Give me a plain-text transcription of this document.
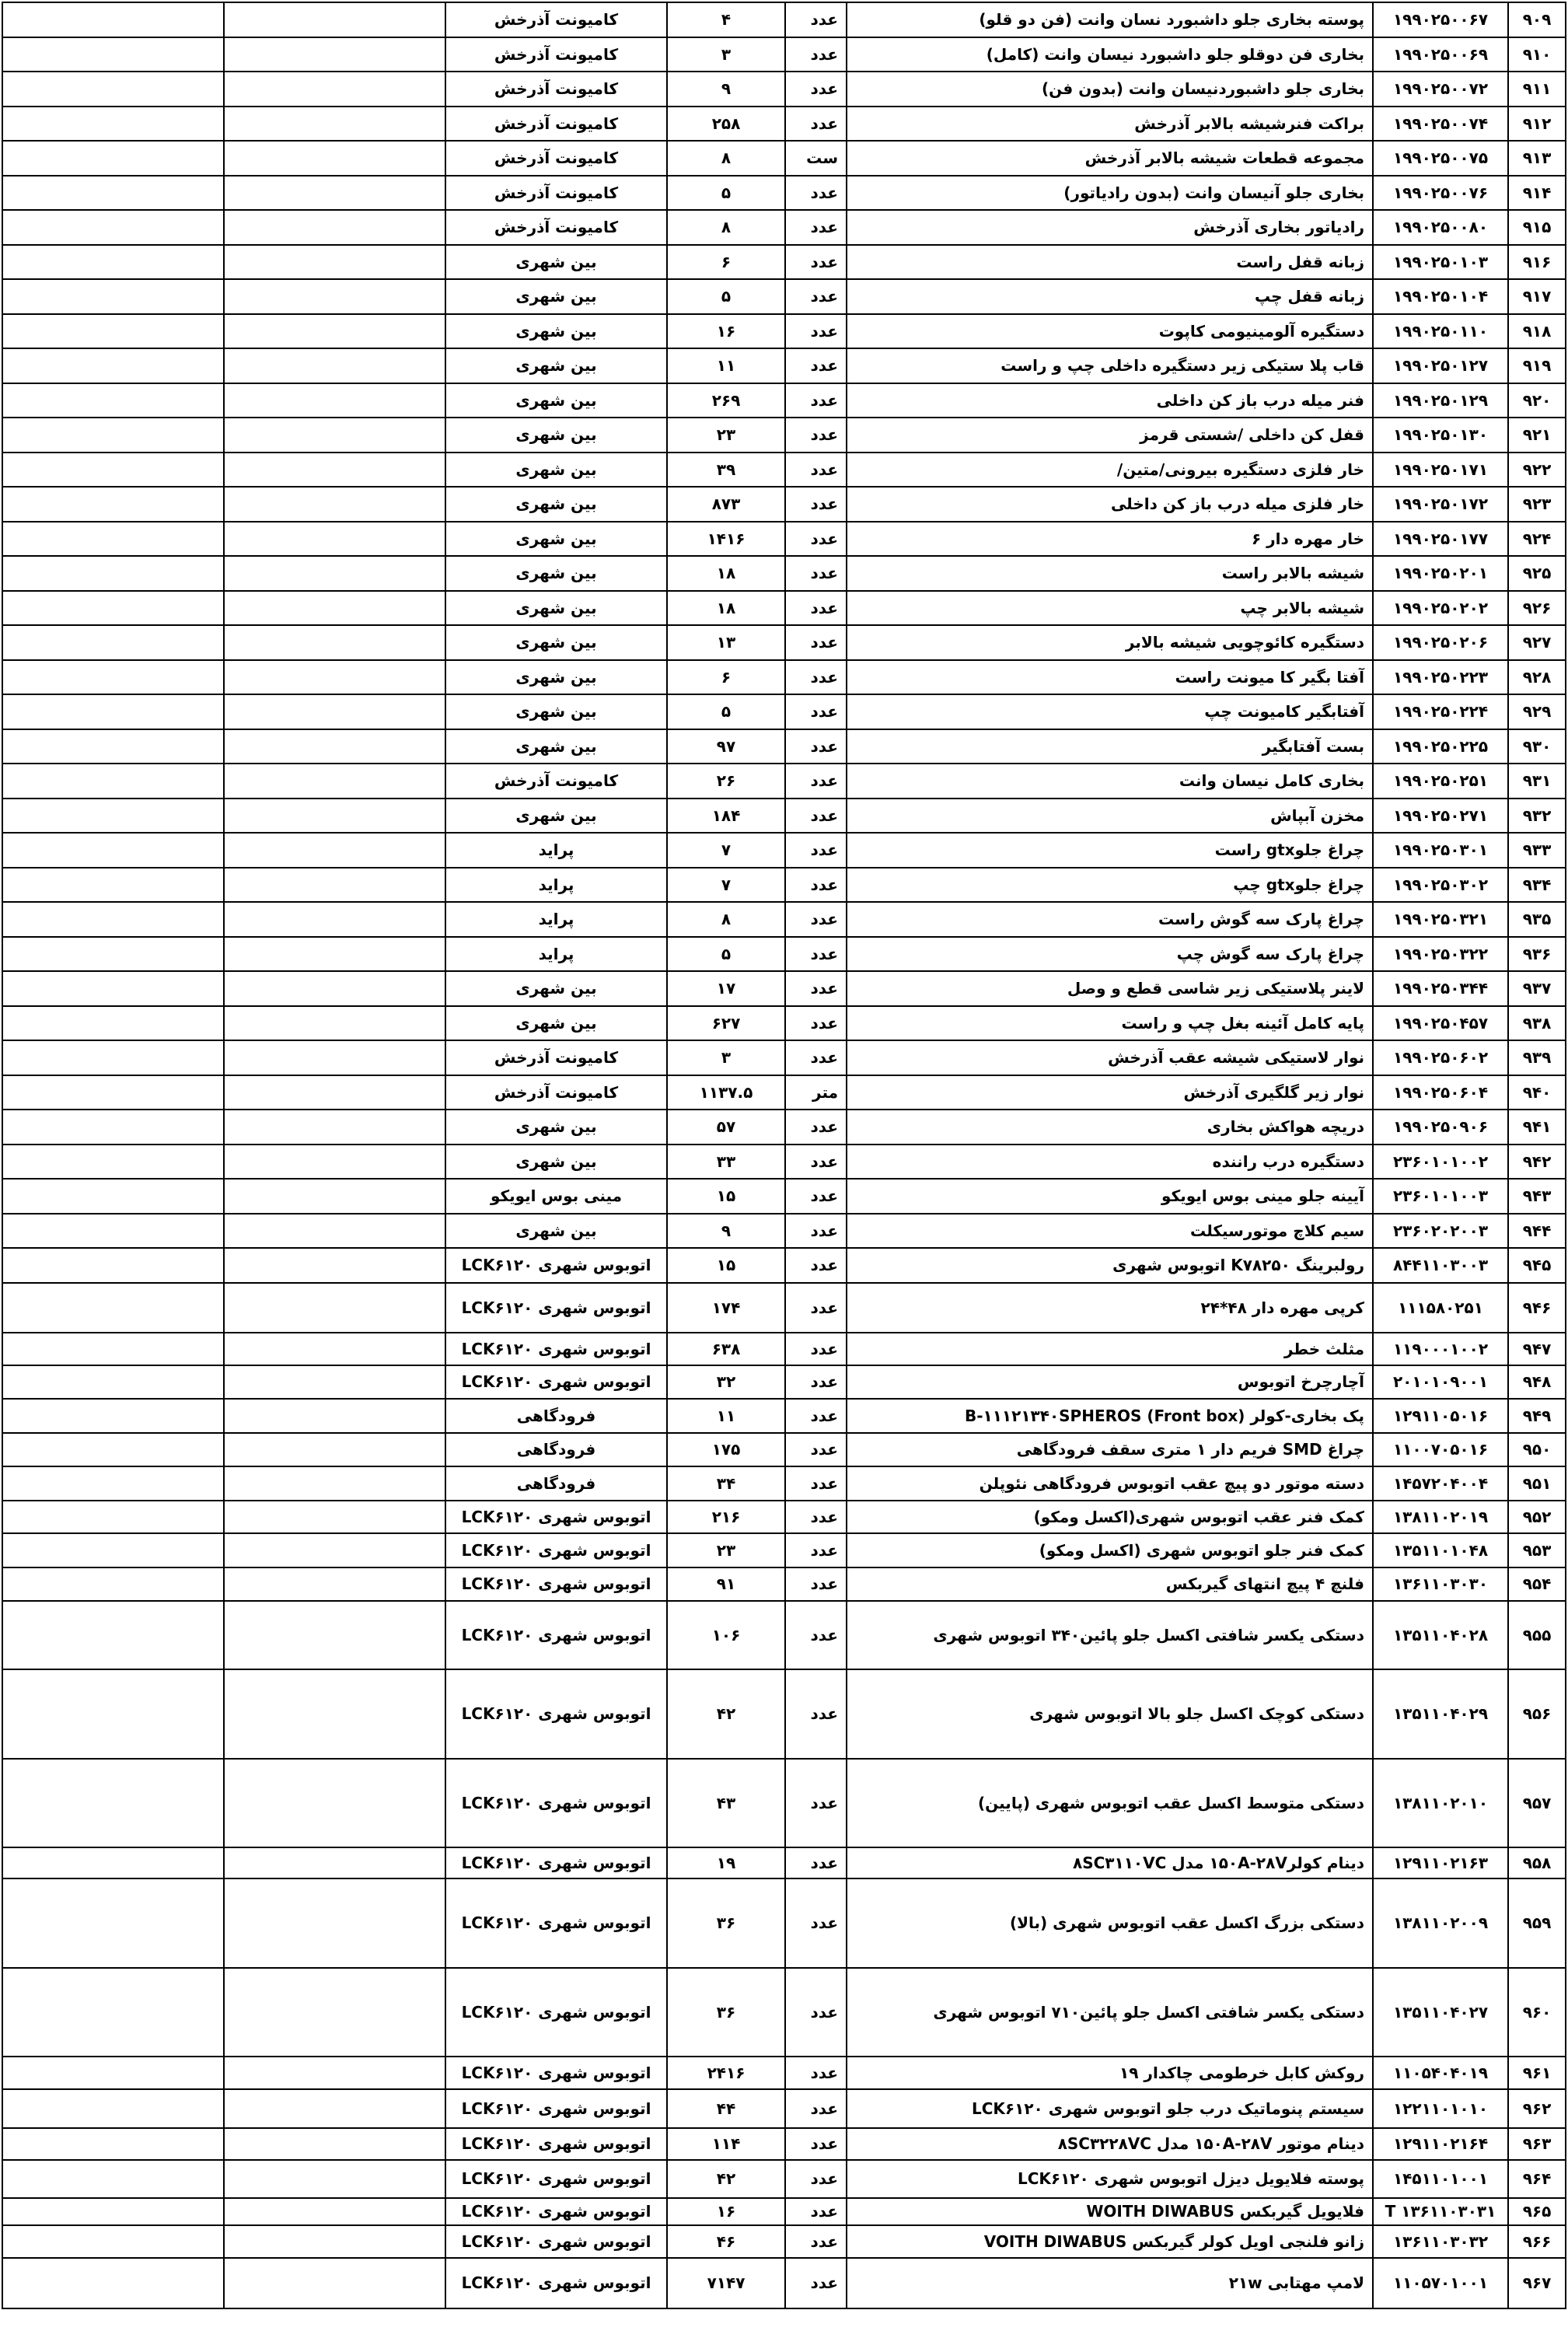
۹۰۹	۱۹۹۰۲۵۰۰۶۷	پوسته بخاری جلو داشبورد نسان وانت (فن دو قلو)	عدد	۴	کامیونت آذرخش		
۹۱۰	۱۹۹۰۲۵۰۰۶۹	بخاری فن دوقلو جلو داشبورد نیسان وانت (کامل)	عدد	۳	کامیونت آذرخش		
۹۱۱	۱۹۹۰۲۵۰۰۷۲	بخاری جلو داشبوردنیسان وانت (بدون فن)	عدد	۹	کامیونت آذرخش		
۹۱۲	۱۹۹۰۲۵۰۰۷۴	براکت فنرشیشه بالابر آذرخش	عدد	۲۵۸	کامیونت آذرخش		
۹۱۳	۱۹۹۰۲۵۰۰۷۵	مجموعه قطعات شیشه بالابر آذرخش	ست	۸	کامیونت آذرخش		
۹۱۴	۱۹۹۰۲۵۰۰۷۶	بخاری جلو آنیسان وانت (بدون رادیاتور)	عدد	۵	کامیونت آذرخش		
۹۱۵	۱۹۹۰۲۵۰۰۸۰	رادیاتور بخاری آذرخش	عدد	۸	کامیونت آذرخش		
۹۱۶	۱۹۹۰۲۵۰۱۰۳	زبانه قفل راست	عدد	۶	بین شهری		
۹۱۷	۱۹۹۰۲۵۰۱۰۴	زبانه قفل چپ	عدد	۵	بین شهری		
۹۱۸	۱۹۹۰۲۵۰۱۱۰	دستگیره آلومینیومی کاپوت	عدد	۱۶	بین شهری		
۹۱۹	۱۹۹۰۲۵۰۱۲۷	قاب پلا ستیکی زیر دستگیره داخلی چپ و راست	عدد	۱۱	بین شهری		
۹۲۰	۱۹۹۰۲۵۰۱۲۹	فنر میله درب باز کن داخلی	عدد	۲۶۹	بین شهری		
۹۲۱	۱۹۹۰۲۵۰۱۳۰	قفل کن داخلی /شستی قرمز	عدد	۲۳	بین شهری		
۹۲۲	۱۹۹۰۲۵۰۱۷۱	خار فلزی دستگیره بیرونی/متین/	عدد	۳۹	بین شهری		
۹۲۳	۱۹۹۰۲۵۰۱۷۲	خار فلزی میله درب باز کن داخلی	عدد	۸۷۳	بین شهری		
۹۲۴	۱۹۹۰۲۵۰۱۷۷	خار مهره دار ۶	عدد	۱۴۱۶	بین شهری		
۹۲۵	۱۹۹۰۲۵۰۲۰۱	شیشه بالابر راست	عدد	۱۸	بین شهری		
۹۲۶	۱۹۹۰۲۵۰۲۰۲	شیشه بالابر چپ	عدد	۱۸	بین شهری		
۹۲۷	۱۹۹۰۲۵۰۲۰۶	دستگیره کائوچویی شیشه بالابر	عدد	۱۳	بین شهری		
۹۲۸	۱۹۹۰۲۵۰۲۲۳	آفتا بگیر کا میونت راست	عدد	۶	بین شهری		
۹۲۹	۱۹۹۰۲۵۰۲۲۴	آفتابگیر کامیونت چپ	عدد	۵	بین شهری		
۹۳۰	۱۹۹۰۲۵۰۲۲۵	بست آفتابگیر	عدد	۹۷	بین شهری		
۹۳۱	۱۹۹۰۲۵۰۲۵۱	بخاری کامل نیسان وانت	عدد	۲۶	کامیونت آذرخش		
۹۳۲	۱۹۹۰۲۵۰۲۷۱	مخزن آبپاش	عدد	۱۸۴	بین شهری		
۹۳۳	۱۹۹۰۲۵۰۳۰۱	چراغ جلوgtx راست	عدد	۷	پراید		
۹۳۴	۱۹۹۰۲۵۰۳۰۲	چراغ جلوgtx چپ	عدد	۷	پراید		
۹۳۵	۱۹۹۰۲۵۰۳۲۱	چراغ پارک سه گوش راست	عدد	۸	پراید		
۹۳۶	۱۹۹۰۲۵۰۳۲۲	چراغ پارک سه گوش چپ	عدد	۵	پراید		
۹۳۷	۱۹۹۰۲۵۰۳۴۴	لاینر پلاستیکی زیر شاسی قطع و وصل	عدد	۱۷	بین شهری		
۹۳۸	۱۹۹۰۲۵۰۴۵۷	پایه کامل آئینه بغل چپ و راست	عدد	۶۲۷	بین شهری		
۹۳۹	۱۹۹۰۲۵۰۶۰۲	نوار لاستیکی شیشه عقب آذرخش	عدد	۳	کامیونت آذرخش		
۹۴۰	۱۹۹۰۲۵۰۶۰۴	نوار زیر گلگیری آذرخش	متر	۱۱۳۷.۵	کامیونت آذرخش		
۹۴۱	۱۹۹۰۲۵۰۹۰۶	دریچه هواکش بخاری	عدد	۵۷	بین شهری		
۹۴۲	۲۳۶۰۱۰۱۰۰۲	دستگیره درب راننده	عدد	۳۳	بین شهری		
۹۴۳	۲۳۶۰۱۰۱۰۰۳	آیینه جلو مینی بوس ایویکو	عدد	۱۵	مینی بوس ایویکو		
۹۴۴	۲۳۶۰۲۰۲۰۰۳	سیم کلاچ موتورسیکلت	عدد	۹	بین شهری		
۹۴۵	۸۴۴۱۱۰۳۰۰۳	رولبرینگ K۷۸۲۵۰ اتوبوس شهری	عدد	۱۵	اتوبوس شهری LCK۶۱۲۰		
۹۴۶	۱۱۱۵۸۰۲۵۱	کرپی مهره دار ۴۸*۲۴	عدد	۱۷۴	اتوبوس شهری LCK۶۱۲۰		
۹۴۷	۱۱۹۰۰۰۱۰۰۲	مثلث خطر	عدد	۶۳۸	اتوبوس شهری LCK۶۱۲۰		
۹۴۸	۲۰۱۰۱۰۹۰۰۱	آچارچرخ اتوبوس	عدد	۳۲	اتوبوس شهری LCK۶۱۲۰		
۹۴۹	۱۲۹۱۱۰۵۰۱۶	پک بخاری-کولر B-۱۱۱۲۱۳۴۰SPHEROS (Front box)	عدد	۱۱	فرودگاهی		
۹۵۰	۱۱۰۰۷۰۵۰۱۶	چراغ SMD فریم دار ۱ متری سقف فرودگاهی	عدد	۱۷۵	فرودگاهی		
۹۵۱	۱۴۵۷۲۰۴۰۰۴	دسته موتور دو پیچ عقب اتوبوس فرودگاهی نئوپلن	عدد	۳۴	فرودگاهی		
۹۵۲	۱۳۸۱۱۰۲۰۱۹	کمک فنر عقب اتوبوس شهری(اکسل ومکو)	عدد	۲۱۶	اتوبوس شهری LCK۶۱۲۰		
۹۵۳	۱۳۵۱۱۰۱۰۴۸	کمک فنر جلو اتوبوس شهری (اکسل ومکو)	عدد	۲۳	اتوبوس شهری LCK۶۱۲۰		
۹۵۴	۱۳۶۱۱۰۳۰۳۰	فلنچ ۴ پیچ انتهای گیربکس	عدد	۹۱	اتوبوس شهری LCK۶۱۲۰		
۹۵۵	۱۳۵۱۱۰۴۰۲۸	دستکی یکسر شافتی اکسل جلو پائین۳۴۰ اتوبوس شهری	عدد	۱۰۶	اتوبوس شهری LCK۶۱۲۰		
۹۵۶	۱۳۵۱۱۰۴۰۲۹	دستکی کوچک اکسل جلو بالا اتوبوس شهری	عدد	۴۲	اتوبوس شهری LCK۶۱۲۰		
۹۵۷	۱۳۸۱۱۰۲۰۱۰	دستکی متوسط اکسل عقب اتوبوس شهری (پایین)	عدد	۴۳	اتوبوس شهری LCK۶۱۲۰		
۹۵۸	۱۲۹۱۱۰۲۱۶۳	دینام کولر۱۵۰A-۲۸V مدل ۸SC۳۱۱۰VC	عدد	۱۹	اتوبوس شهری LCK۶۱۲۰		
۹۵۹	۱۳۸۱۱۰۲۰۰۹	دستکی بزرگ اکسل عقب اتوبوس شهری (بالا)	عدد	۳۶	اتوبوس شهری LCK۶۱۲۰		
۹۶۰	۱۳۵۱۱۰۴۰۲۷	دستکی یکسر شافتی اکسل جلو پائین۷۱۰ اتوبوس شهری	عدد	۳۶	اتوبوس شهری LCK۶۱۲۰		
۹۶۱	۱۱۰۵۴۰۴۰۱۹	روکش کابل خرطومی چاکدار ۱۹	عدد	۲۴۱۶	اتوبوس شهری LCK۶۱۲۰		
۹۶۲	۱۲۲۱۱۰۱۰۱۰	سیستم پنوماتیک درب جلو اتوبوس شهری LCK۶۱۲۰	عدد	۴۴	اتوبوس شهری LCK۶۱۲۰		
۹۶۳	۱۲۹۱۱۰۲۱۶۴	دینام موتور ۱۵۰A-۲۸V مدل ۸SC۳۲۲۸VC	عدد	۱۱۴	اتوبوس شهری LCK۶۱۲۰		
۹۶۴	۱۴۵۱۱۰۱۰۰۱	پوسته فلایویل دیزل اتوبوس شهری LCK۶۱۲۰	عدد	۴۲	اتوبوس شهری LCK۶۱۲۰		
۹۶۵	T ۱۳۶۱۱۰۳۰۳۱	فلایویل گیربکس WOITH DIWABUS	عدد	۱۶	اتوبوس شهری LCK۶۱۲۰		
۹۶۶	۱۳۶۱۱۰۳۰۳۲	زانو فلنجی اویل کولر گیربکس VOITH DIWABUS	عدد	۴۶	اتوبوس شهری LCK۶۱۲۰		
۹۶۷	۱۱۰۵۷۰۱۰۰۱	لامپ مهتابی ۲۱w	عدد	۷۱۴۷	اتوبوس شهری LCK۶۱۲۰		
